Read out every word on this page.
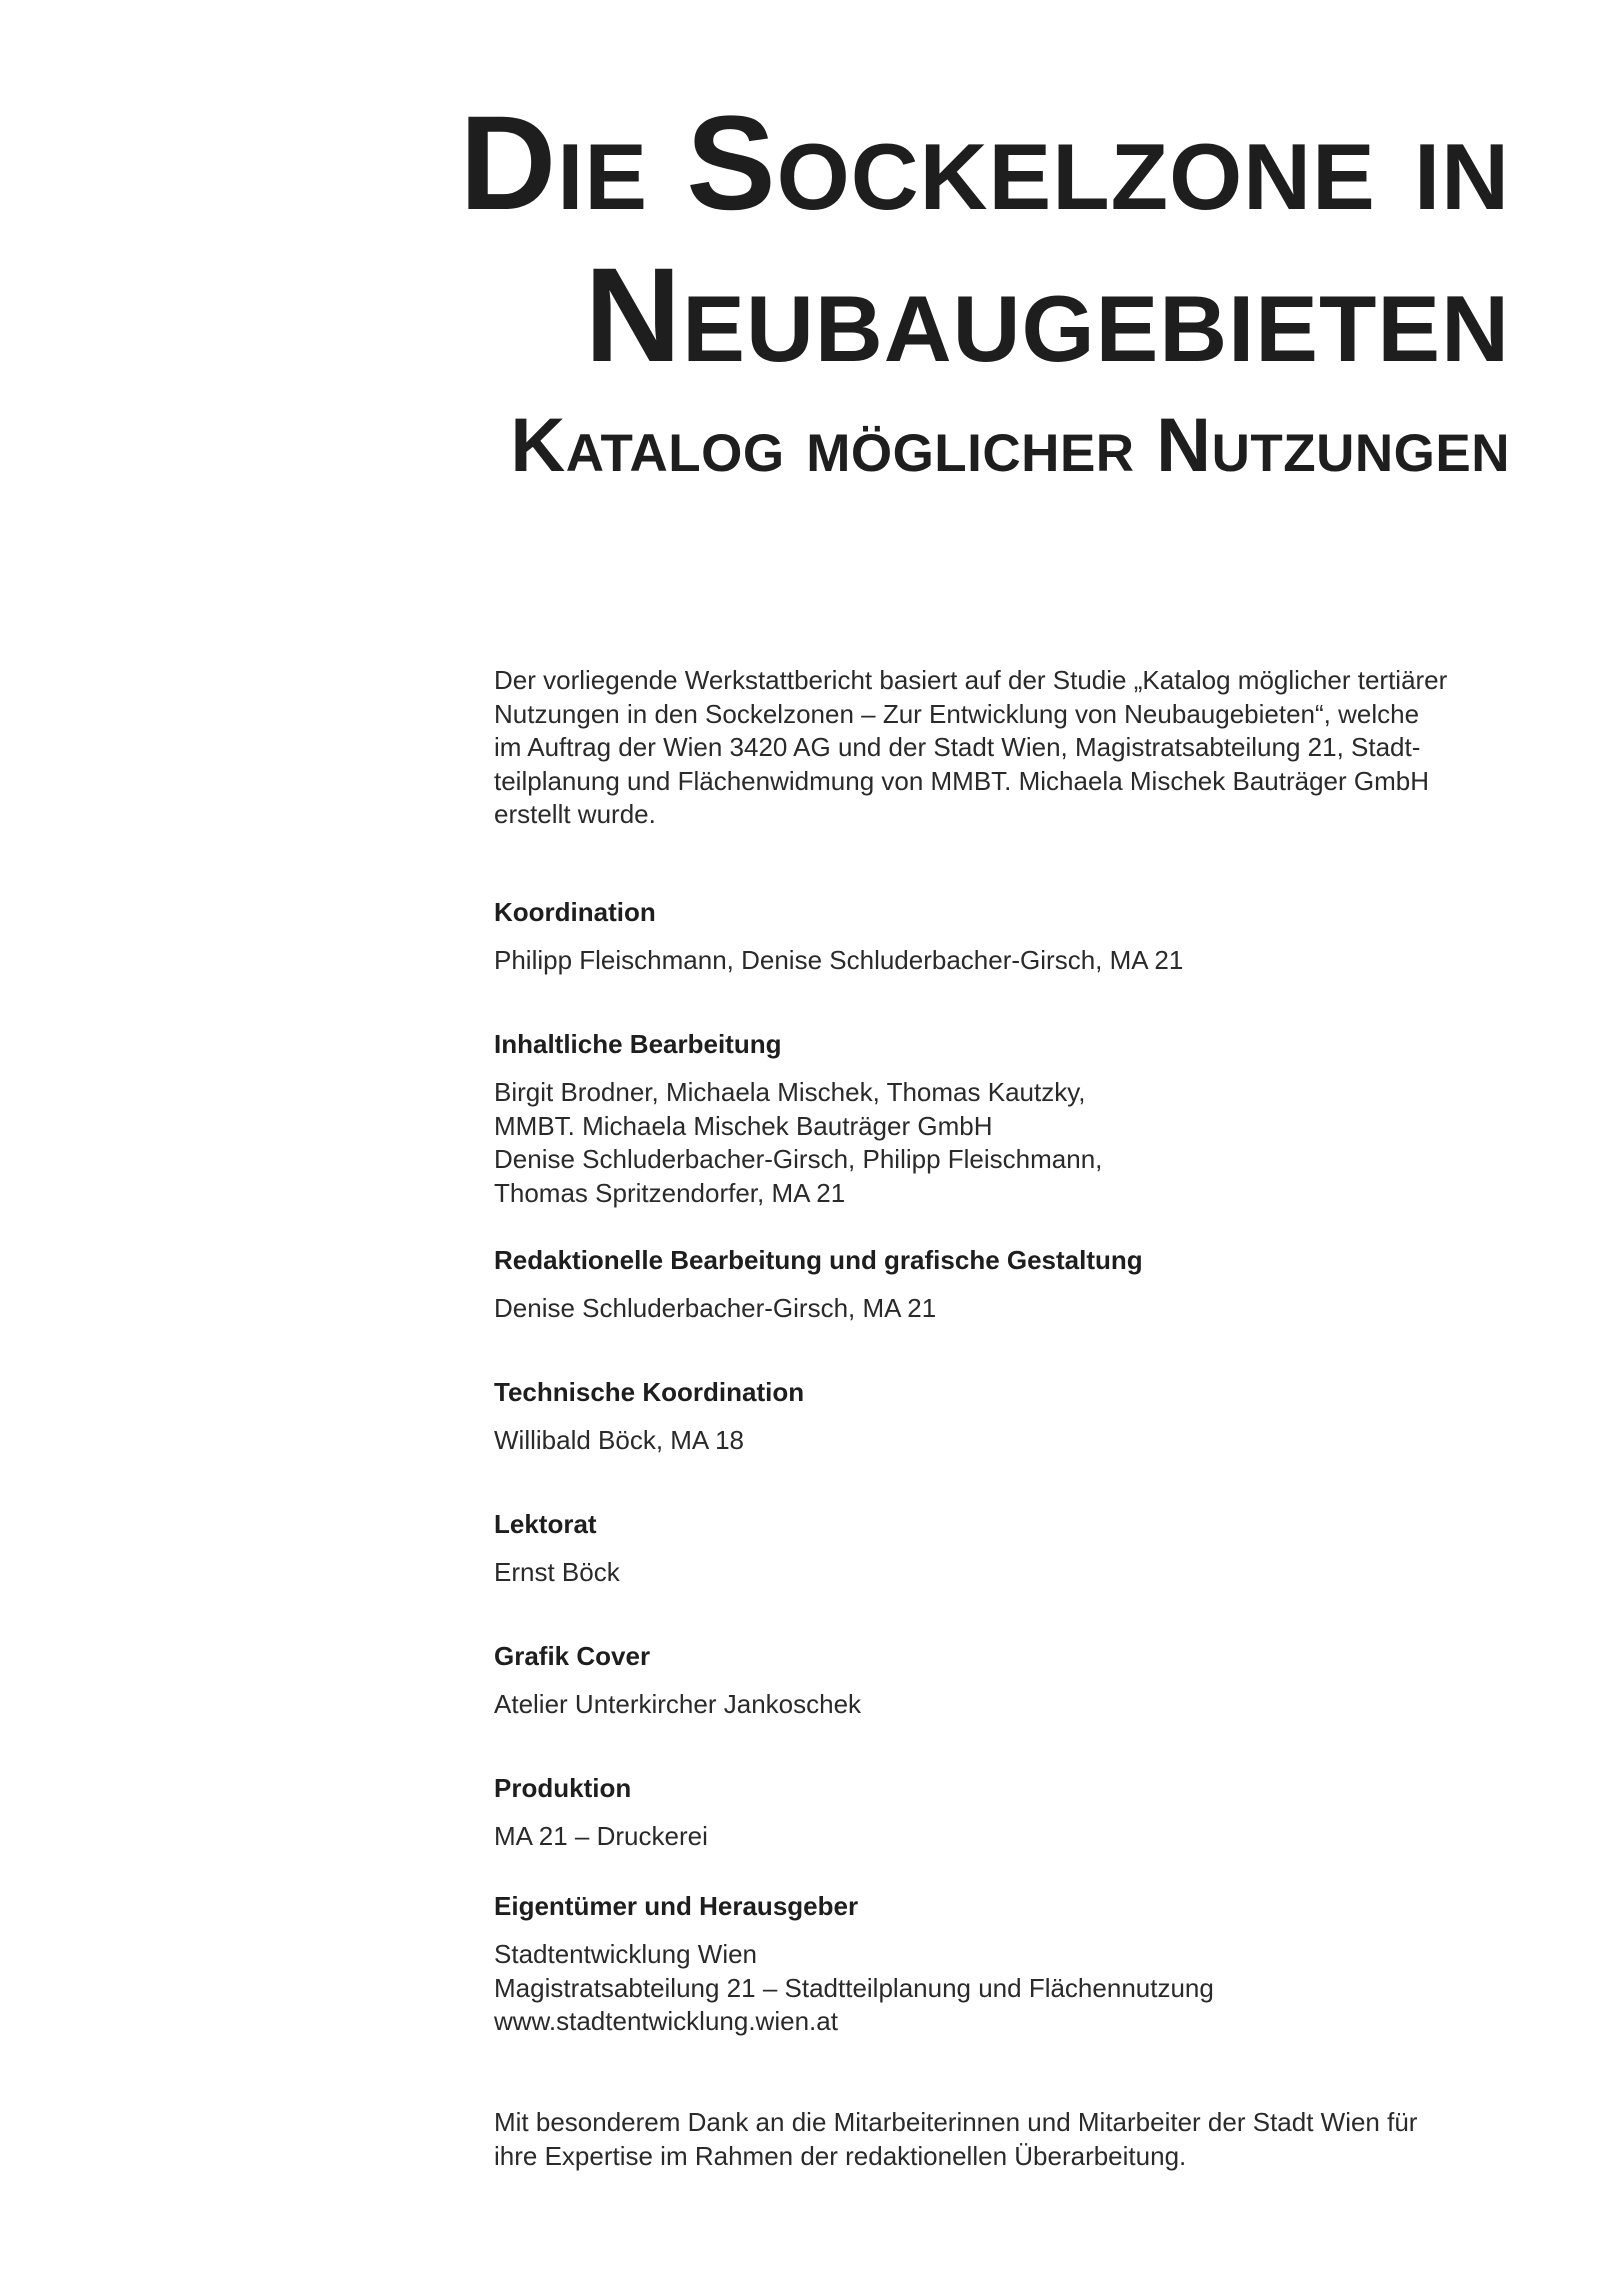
Die Sockelzone in
Neubaugebieten
Katalog möglicher Nutzungen

Der vorliegende Werkstattbericht basiert auf der Studie „Katalog möglicher tertiärer

Nutzungen in den Sockelzonen – Zur Entwicklung von Neubaugebieten“, welche

im Auftrag der Wien 3420 AG und der Stadt Wien, Magistratsabteilung 21, Stadt-

teilplanung und Flächenwidmung von MMBT. Michaela Mischek Bauträger GmbH

erstellt wurde.

Koordination
Philipp Fleischmann, Denise Schluderbacher-Girsch, MA 21
Inhaltliche Bearbeitung
Birgit Brodner, Michaela Mischek, Thomas Kautzky,
MMBT. Michaela Mischek Bauträger GmbH
Denise Schluderbacher-Girsch, Philipp Fleischmann,
Thomas Spritzendorfer, MA 21
Redaktionelle Bearbeitung und grafische Gestaltung
Denise Schluderbacher-Girsch, MA 21
Technische Koordination
Willibald Böck, MA 18
Lektorat
Ernst Böck
Grafik Cover
Atelier Unterkircher Jankoschek
Produktion
MA 21 – Druckerei
Eigentümer und Herausgeber
Stadtentwicklung Wien
Magistratsabteilung 21 – Stadtteilplanung und Flächennutzung
www.stadtentwicklung.wien.at
Mit besonderem Dank an die Mitarbeiterinnen und Mitarbeiter der Stadt Wien für
ihre Expertise im Rahmen der redaktionellen Überarbeitung.
